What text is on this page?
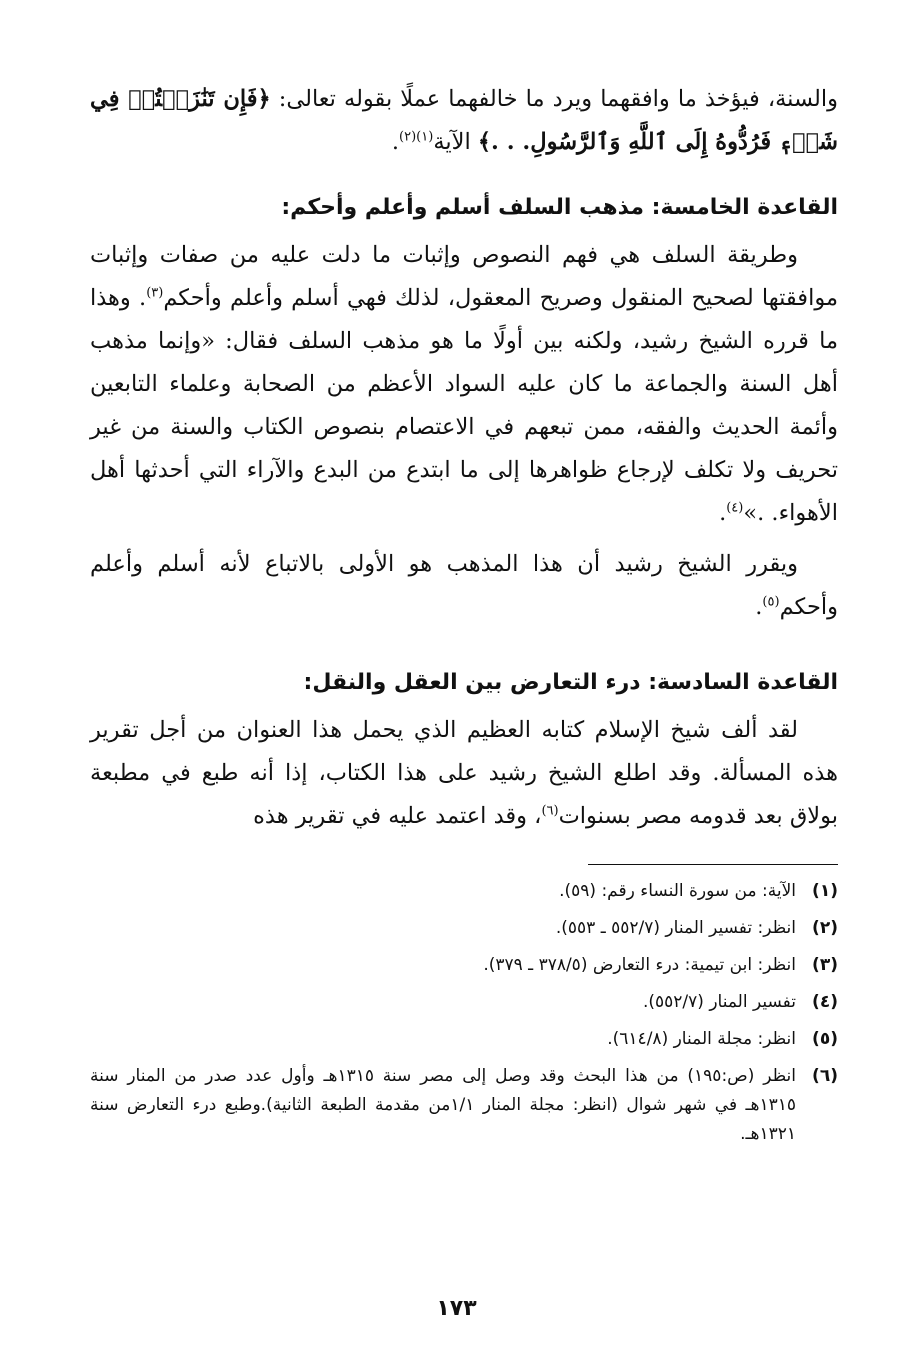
والسنة، فيؤخذ ما وافقهما ويرد ما خالفهما عملًا بقوله تعالى: ﴿فَإِن تَنَٰزَعۡتُمۡ فِي شَيۡءٖ فَرُدُّوهُ إِلَى ٱللَّهِ وَٱلرَّسُولِ. . .﴾ الآية$^{(١)(٢)}$.

القاعدة الخامسة: مذهب السلف أسلم وأعلم وأحكم:

وطريقة السلف هي فهم النصوص وإثبات ما دلت عليه من صفات وإثبات موافقتها لصحيح المنقول وصريح المعقول، لذلك فهي أسلم وأعلم وأحكم$^{(٣)}$. وهذا ما قرره الشيخ رشيد، ولكنه بين أولًا ما هو مذهب السلف فقال: «وإنما مذهب أهل السنة والجماعة ما كان عليه السواد الأعظم من الصحابة وعلماء التابعين وأئمة الحديث والفقه، ممن تبعهم في الاعتصام بنصوص الكتاب والسنة من غير تحريف ولا تكلف لإرجاع ظواهرها إلى ما ابتدع من البدع والآراء التي أحدثها أهل الأهواء. .»$^{(٤)}$.

ويقرر الشيخ رشيد أن هذا المذهب هو الأولى بالاتباع لأنه أسلم وأعلم وأحكم$^{(٥)}$.

القاعدة السادسة: درء التعارض بين العقل والنقل:

لقد ألف شيخ الإسلام كتابه العظيم الذي يحمل هذا العنوان من أجل تقرير هذه المسألة. وقد اطلع الشيخ رشيد على هذا الكتاب، إذا أنه طبع في مطبعة بولاق بعد قدومه مصر بسنوات$^{(٦)}$، وقد اعتمد عليه في تقرير هذه

(١)
الآية: من سورة النساء رقم: (٥٩).
(٢)
انظر: تفسير المنار (٥٥٢/٧ ـ ٥٥٣).
(٣)
انظر: ابن تيمية: درء التعارض (٣٧٨/٥ ـ ٣٧٩).
(٤)
تفسير المنار (٥٥٢/٧).
(٥)
انظر: مجلة المنار (٦١٤/٨).
(٦)
انظر (ص:١٩٥) من هذا البحث وقد وصل إلى مصر سنة ١٣١٥هـ وأول عدد صدر من المنار سنة ١٣١٥هـ في شهر شوال (انظر: مجلة المنار ١/١من مقدمة الطبعة الثانية).وطبع درء التعارض سنة ١٣٢١هـ.
١٧٣
